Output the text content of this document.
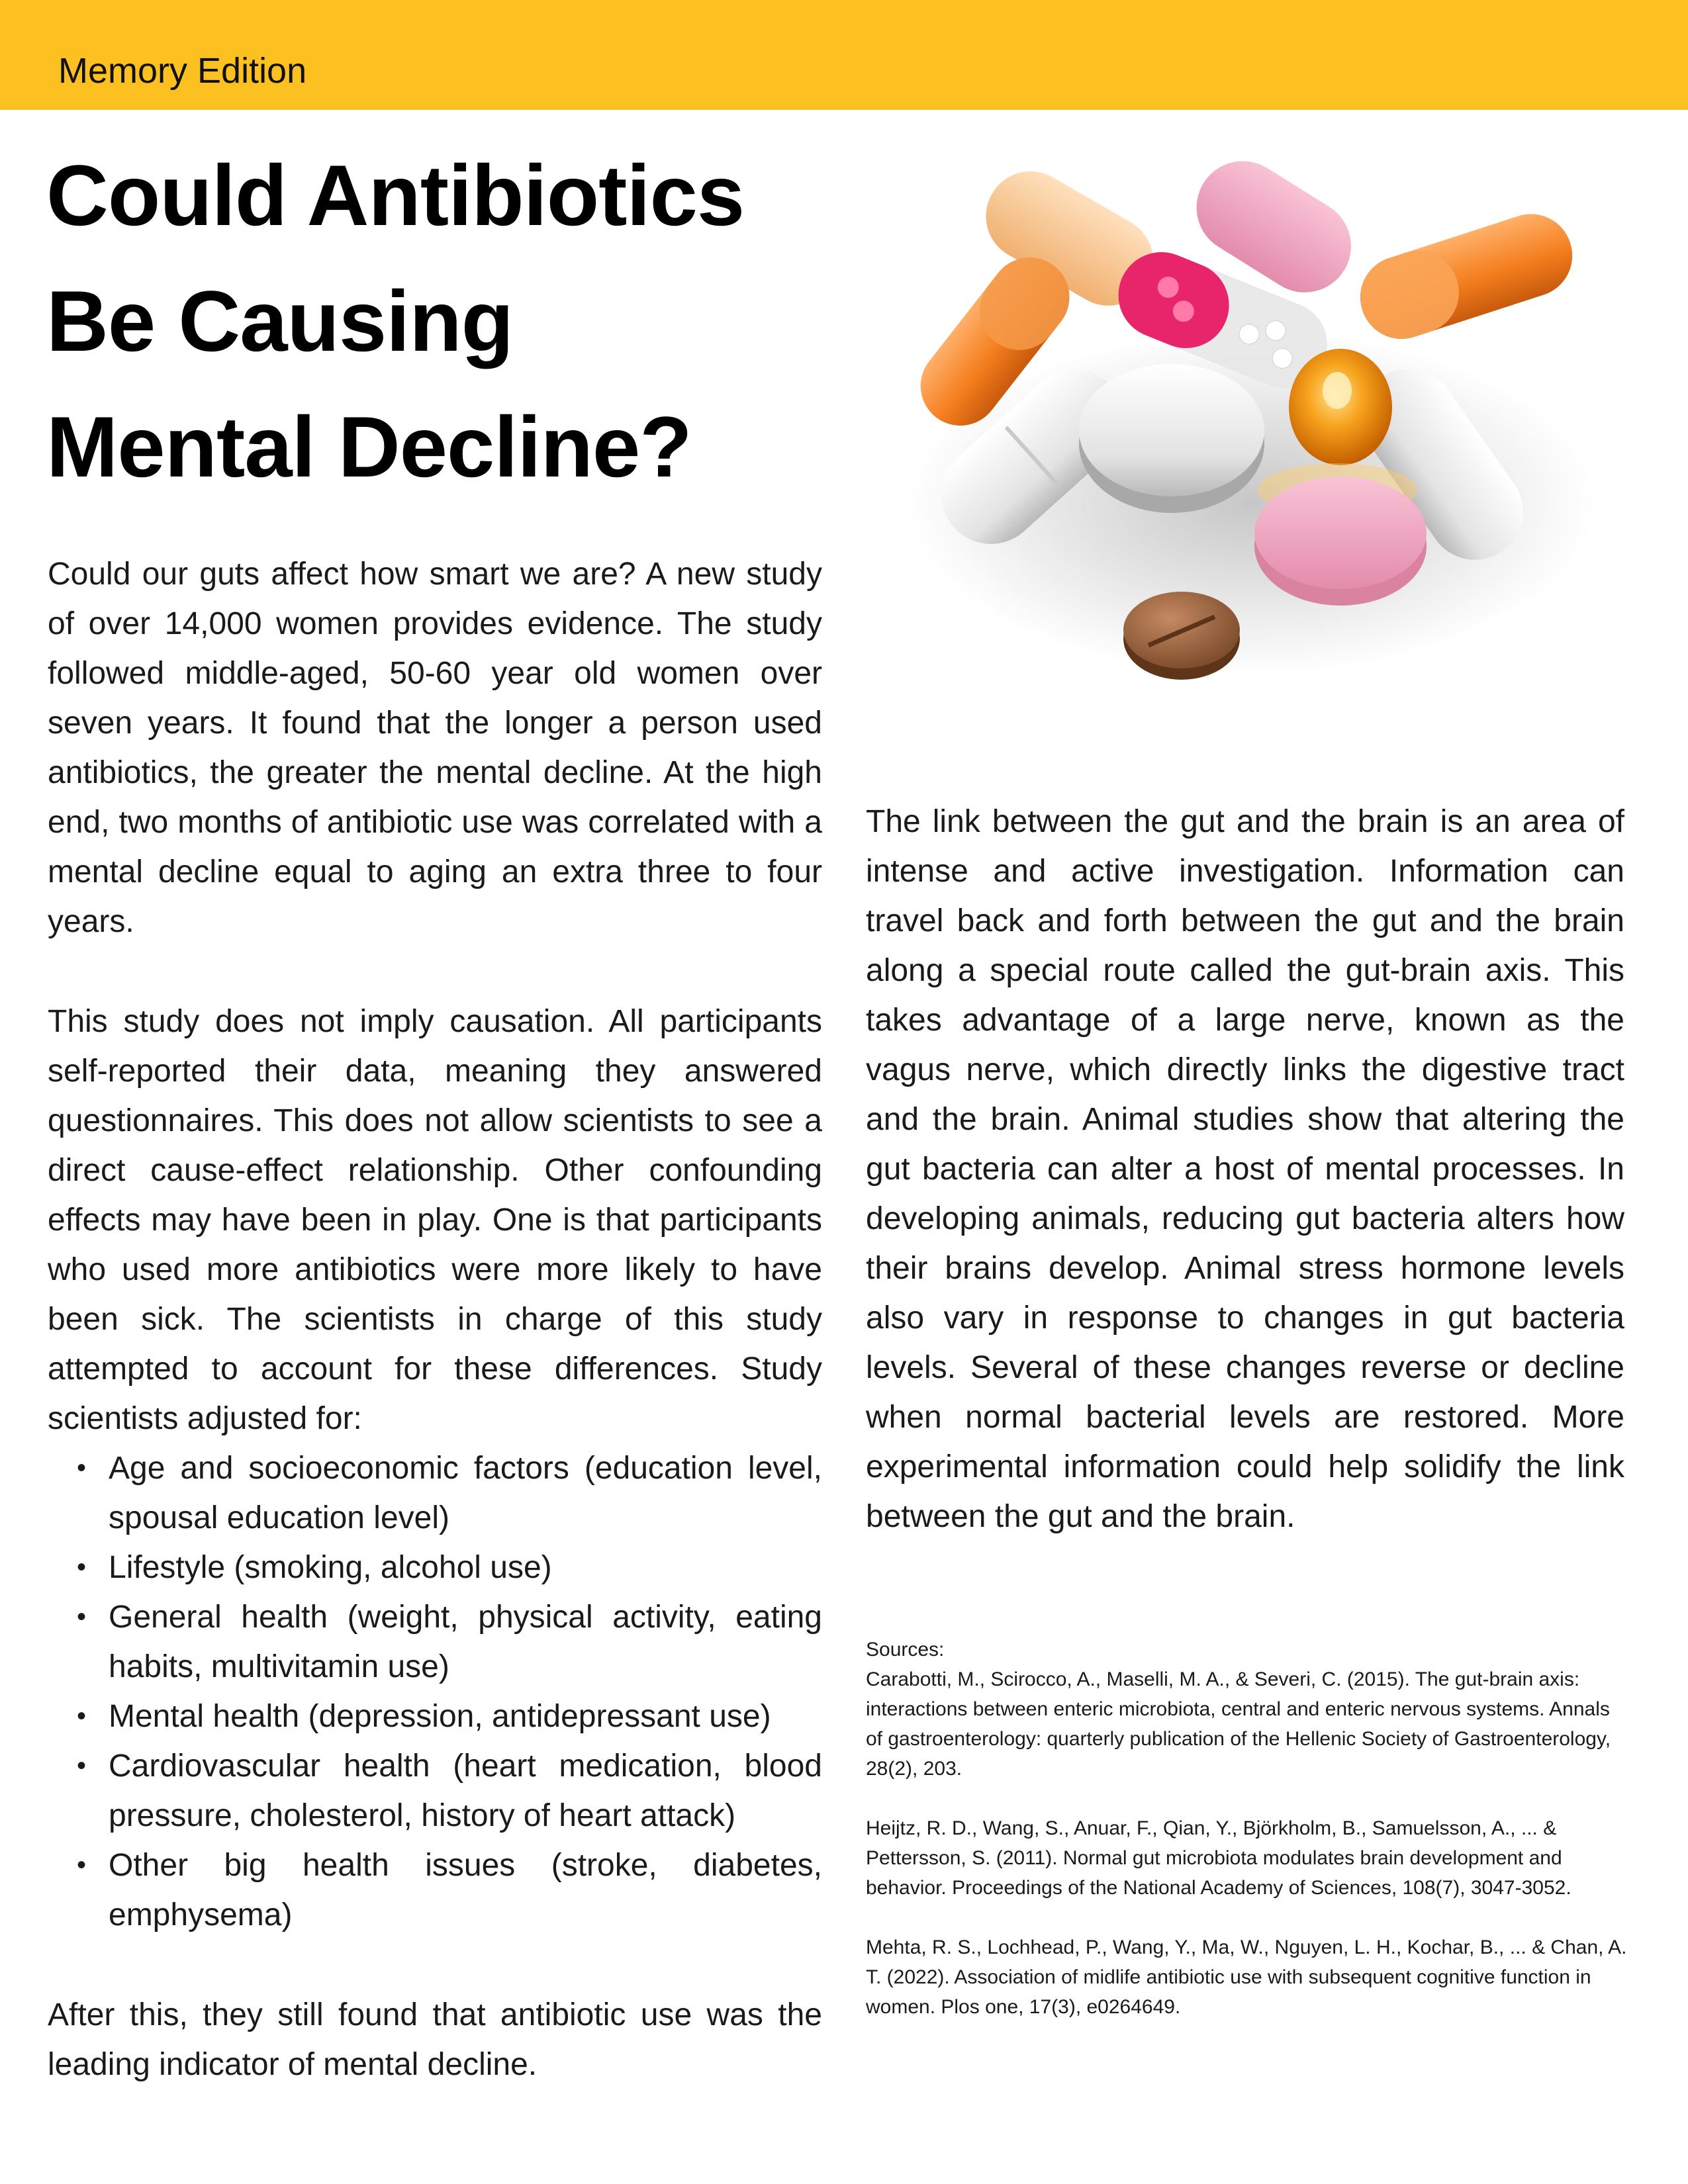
Memory Edition
Could Antibiotics
Be Causing
Mental Decline?

Could our guts affect how smart we are? A new study of over 14,000 women provides evidence. The study followed middle-aged, 50-60 year old women over seven years. It found that the longer a person used antibiotics, the greater the mental decline. At the high end, two months of antibiotic use was correlated with a mental decline equal to aging an extra three to four years.

This study does not imply causation. All participants self-reported their data, meaning they answered questionnaires. This does not allow scientists to see a direct cause-effect relationship. Other confounding effects may have been in play. One is that participants who used more antibiotics were more likely to have been sick. The scientists in charge of this study attempted to account for these differences. Study scientists adjusted for:

• Age and socioeconomic factors (education level, spousal education level)
• Lifestyle (smoking, alcohol use)
• General health (weight, physical activity, eating habits, multivitamin use)
• Mental health (depression, antidepressant use)
• Cardiovascular health (heart medication, blood pressure, cholesterol, history of heart attack)
• Other big health issues (stroke, diabetes, emphysema)

After this, they still found that antibiotic use was the leading indicator of mental decline.

The link between the gut and the brain is an area of intense and active investigation. Information can travel back and forth between the gut and the brain along a special route called the gut-brain axis. This takes advantage of a large nerve, known as the vagus nerve, which directly links the digestive tract and the brain. Animal studies show that altering the gut bacteria can alter a host of mental processes. In developing animals, reducing gut bacteria alters how their brains develop. Animal stress hormone levels also vary in response to changes in gut bacteria levels. Several of these changes reverse or decline when normal bacterial levels are restored. More experimental information could help solidify the link between the gut and the brain.

Sources:

Carabotti, M., Scirocco, A., Maselli, M. A., & Severi, C. (2015). The gut-brain axis: interactions between enteric microbiota, central and enteric nervous systems. Annals of gastroenterology: quarterly publication of the Hellenic Society of Gastroenterology, 28(2), 203.

Heijtz, R. D., Wang, S., Anuar, F., Qian, Y., Björkholm, B., Samuelsson, A., ... & Pettersson, S. (2011). Normal gut microbiota modulates brain development and behavior. Proceedings of the National Academy of Sciences, 108(7), 3047-3052.

Mehta, R. S., Lochhead, P., Wang, Y., Ma, W., Nguyen, L. H., Kochar, B., ... & Chan, A. T. (2022). Association of midlife antibiotic use with subsequent cognitive function in women. Plos one, 17(3), e0264649.
